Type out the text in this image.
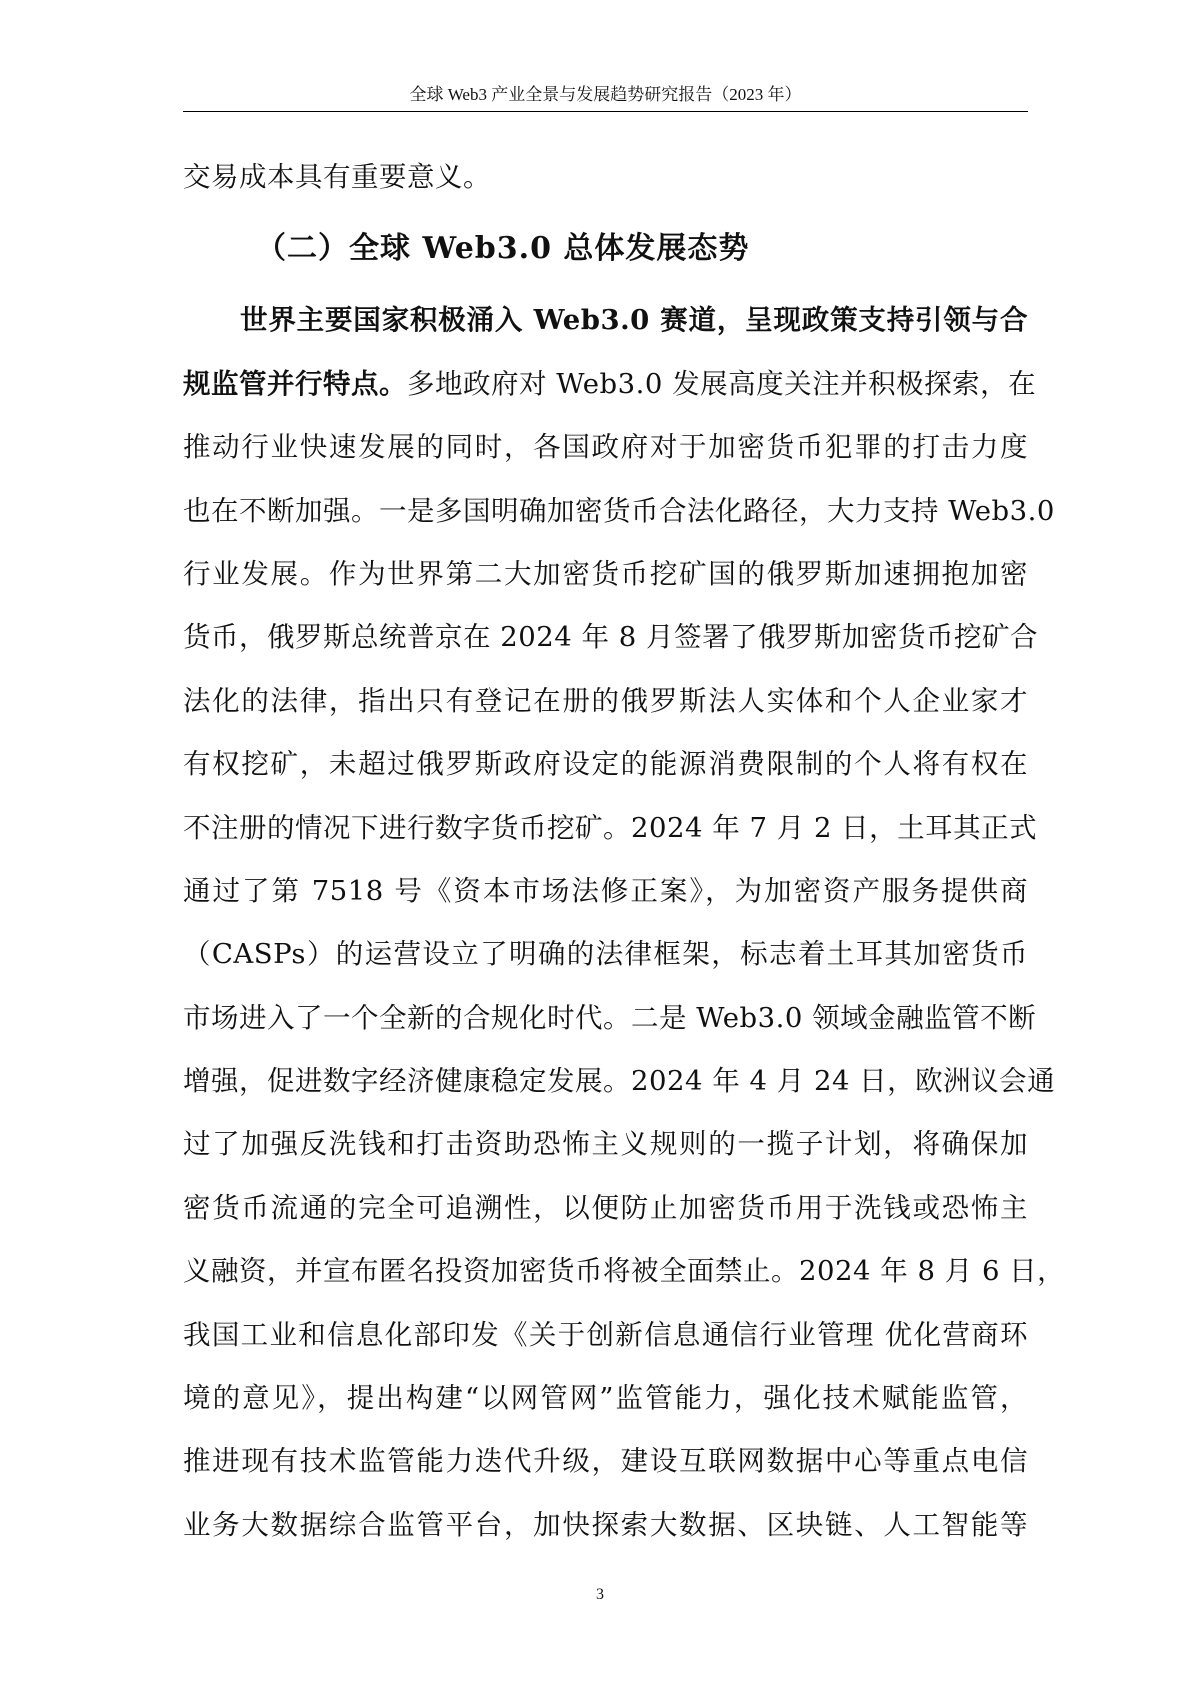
全球 Web3 产业全景与发展趋势研究报告（2023 年）
交易成本具有重要意义。
（二）全球 Web3.0 总体发展态势
世界主要国家积极涌入 Web3.0 赛道，呈现政策支持引领与合
规监管并行特点。多地政府对 Web3.0 发展高度关注并积极探索，在
推动行业快速发展的同时，各国政府对于加密货币犯罪的打击力度
也在不断加强。一是多国明确加密货币合法化路径，大力支持 Web3.0
行业发展。作为世界第二大加密货币挖矿国的俄罗斯加速拥抱加密
货币，俄罗斯总统普京在 2024 年 8 月签署了俄罗斯加密货币挖矿合
法化的法律，指出只有登记在册的俄罗斯法人实体和个人企业家才
有权挖矿，未超过俄罗斯政府设定的能源消费限制的个人将有权在
不注册的情况下进行数字货币挖矿。2024 年 7 月 2 日，土耳其正式
通过了第 7518 号《资本市场法修正案》，为加密资产服务提供商
（CASPs）的运营设立了明确的法律框架，标志着土耳其加密货币
市场进入了一个全新的合规化时代。二是 Web3.0 领域金融监管不断
增强，促进数字经济健康稳定发展。2024 年 4 月 24 日，欧洲议会通
过了加强反洗钱和打击资助恐怖主义规则的一揽子计划，将确保加
密货币流通的完全可追溯性，以便防止加密货币用于洗钱或恐怖主
义融资，并宣布匿名投资加密货币将被全面禁止。2024 年 8 月 6 日，
我国工业和信息化部印发《关于创新信息通信行业管理 优化营商环
境的意见》，提出构建“以网管网”监管能力，强化技术赋能监管，
推进现有技术监管能力迭代升级，建设互联网数据中心等重点电信
业务大数据综合监管平台，加快探索大数据、区块链、人工智能等
3
